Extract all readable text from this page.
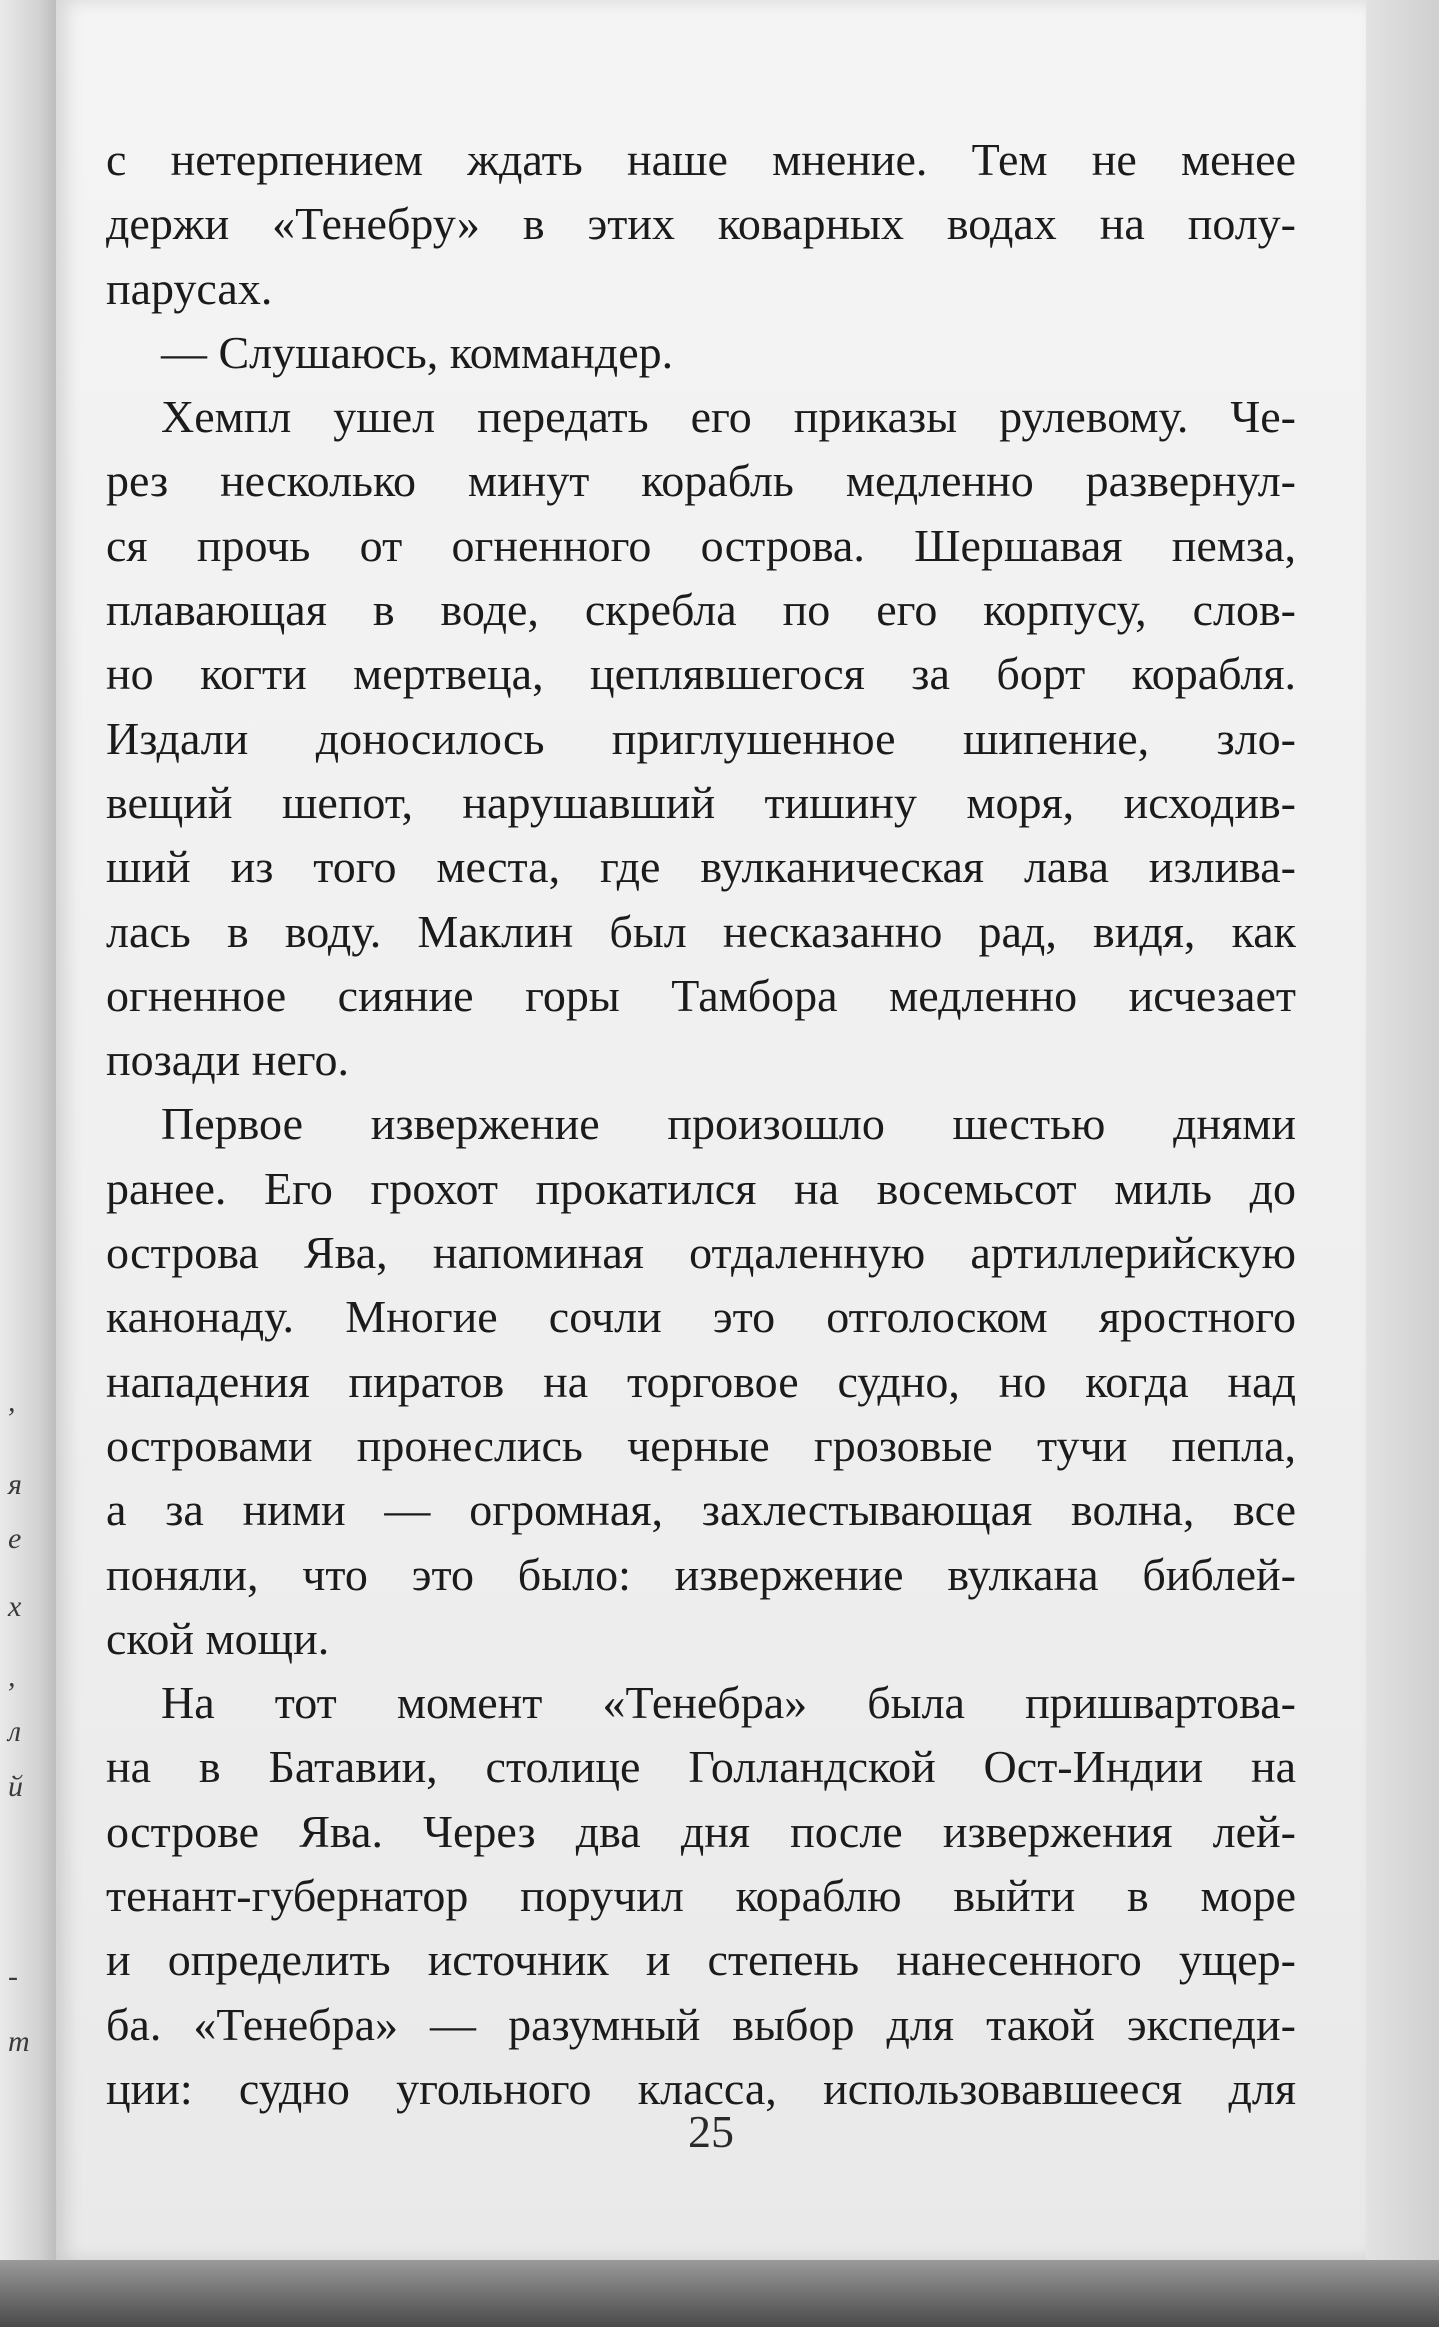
,
я
е
х
,
л
й
-
т
с нетерпением ждать наше мнение. Тем не менее
держи «Тенебру» в этих коварных водах на полу-
парусах.
— Слушаюсь, коммандер.
Хемпл ушел передать его приказы рулевому. Че-
рез несколько минут корабль медленно развернул-
ся прочь от огненного острова. Шершавая пемза,
плавающая в воде, скребла по его корпусу, слов-
но когти мертвеца, цеплявшегося за борт корабля.
Издали доносилось приглушенное шипение, зло-
вещий шепот, нарушавший тишину моря, исходив-
ший из того места, где вулканическая лава излива-
лась в воду. Маклин был несказанно рад, видя, как
огненное сияние горы Тамбора медленно исчезает
позади него.
Первое извержение произошло шестью днями
ранее. Его грохот прокатился на восемьсот миль до
острова Ява, напоминая отдаленную артиллерийскую
канонаду. Многие сочли это отголоском яростного
нападения пиратов на торговое судно, но когда над
островами пронеслись черные грозовые тучи пепла,
а за ними — огромная, захлестывающая волна, все
поняли, что это было: извержение вулкана библей-
ской мощи.
На тот момент «Тенебра» была пришвартова-
на в Батавии, столице Голландской Ост-Индии на
острове Ява. Через два дня после извержения лей-
тенант-губернатор поручил кораблю выйти в море
и определить источник и степень нанесенного ущер-
ба. «Тенебра» — разумный выбор для такой экспеди-
ции: судно угольного класса, использовавшееся для
25
